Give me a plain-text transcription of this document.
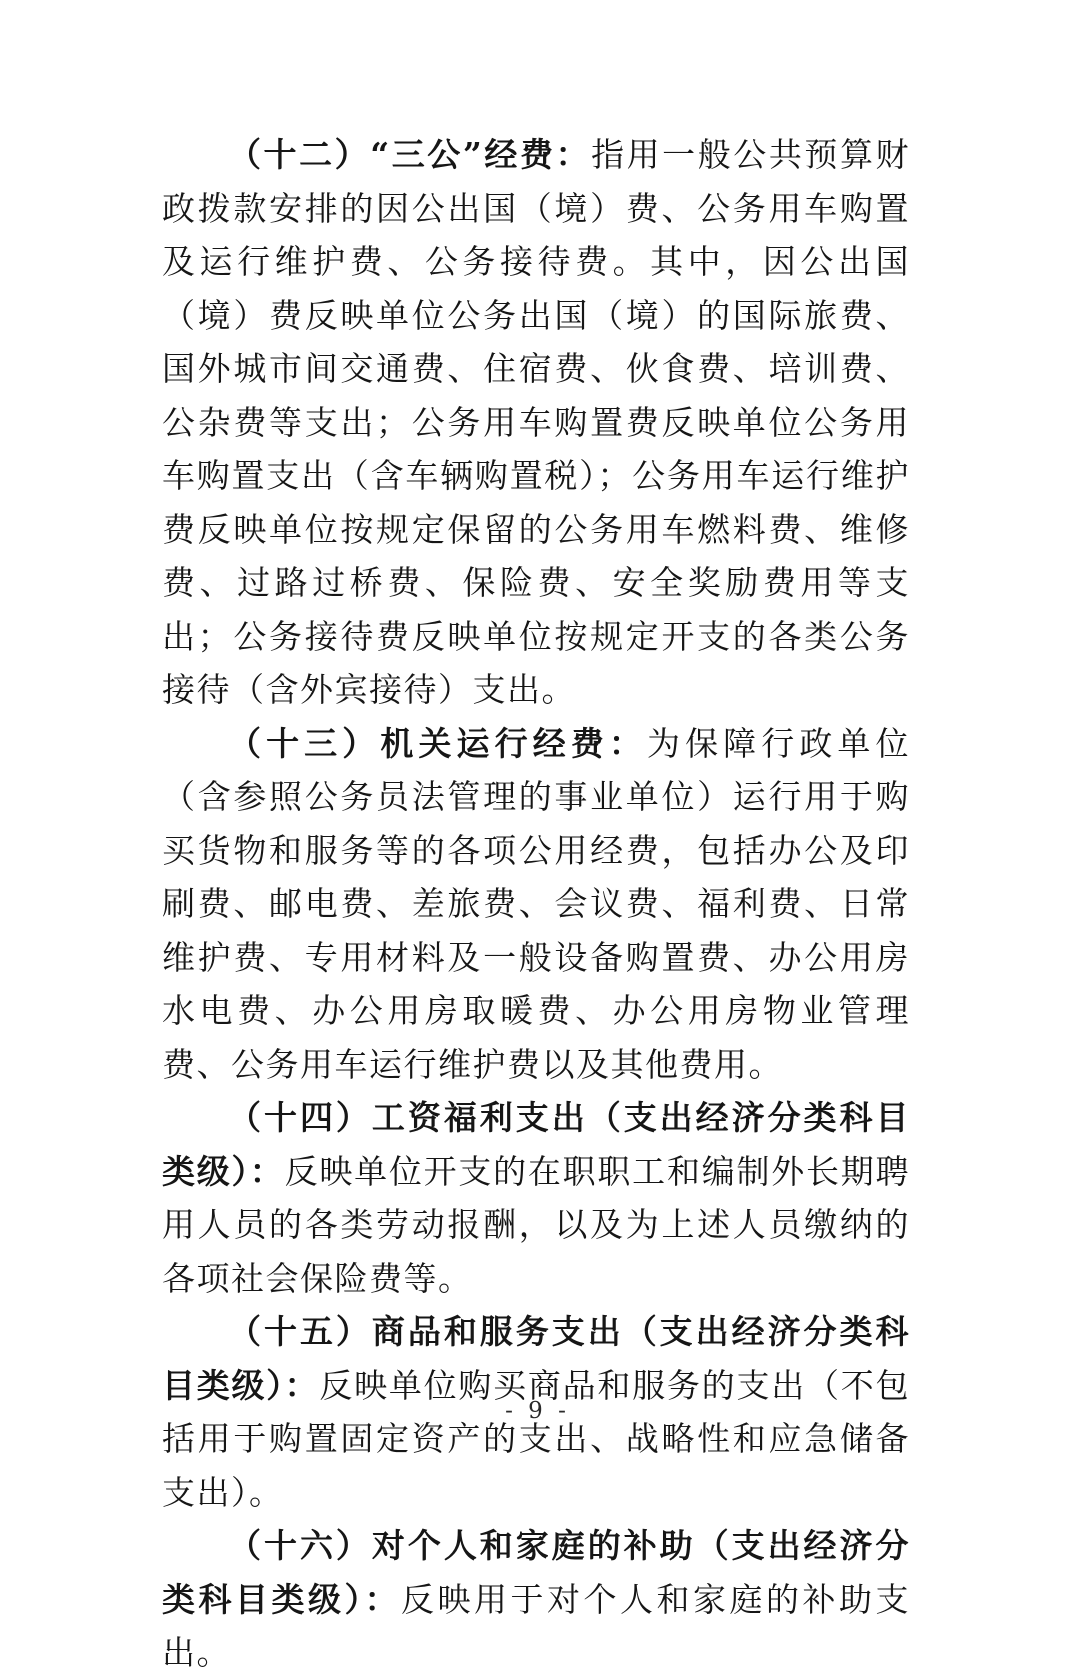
（十二）“三公”经费：指用一般公共预算财政拨款安排的因公出国（境）费、公务用车购置及运行维护费、公务接待费。其中，因公出国（境）费反映单位公务出国（境）的国际旅费、国外城市间交通费、住宿费、伙食费、培训费、公杂费等支出；公务用车购置费反映单位公务用车购置支出（含车辆购置税）；公务用车运行维护费反映单位按规定保留的公务用车燃料费、维修费、过路过桥费、保险费、安全奖励费用等支出；公务接待费反映单位按规定开支的各类公务接待（含外宾接待）支出。

（十三）机关运行经费：为保障行政单位（含参照公务员法管理的事业单位）运行用于购买货物和服务等的各项公用经费，包括办公及印刷费、邮电费、差旅费、会议费、福利费、日常维护费、专用材料及一般设备购置费、办公用房水电费、办公用房取暖费、办公用房物业管理费、公务用车运行维护费以及其他费用。

（十四）工资福利支出（支出经济分类科目类级）：反映单位开支的在职职工和编制外长期聘用人员的各类劳动报酬，以及为上述人员缴纳的各项社会保险费等。

（十五）商品和服务支出（支出经济分类科目类级）：反映单位购买商品和服务的支出（不包括用于购置固定资产的支出、战略性和应急储备支出）。

（十六）对个人和家庭的补助（支出经济分类科目类级）：反映用于对个人和家庭的补助支出。

- 9 -
